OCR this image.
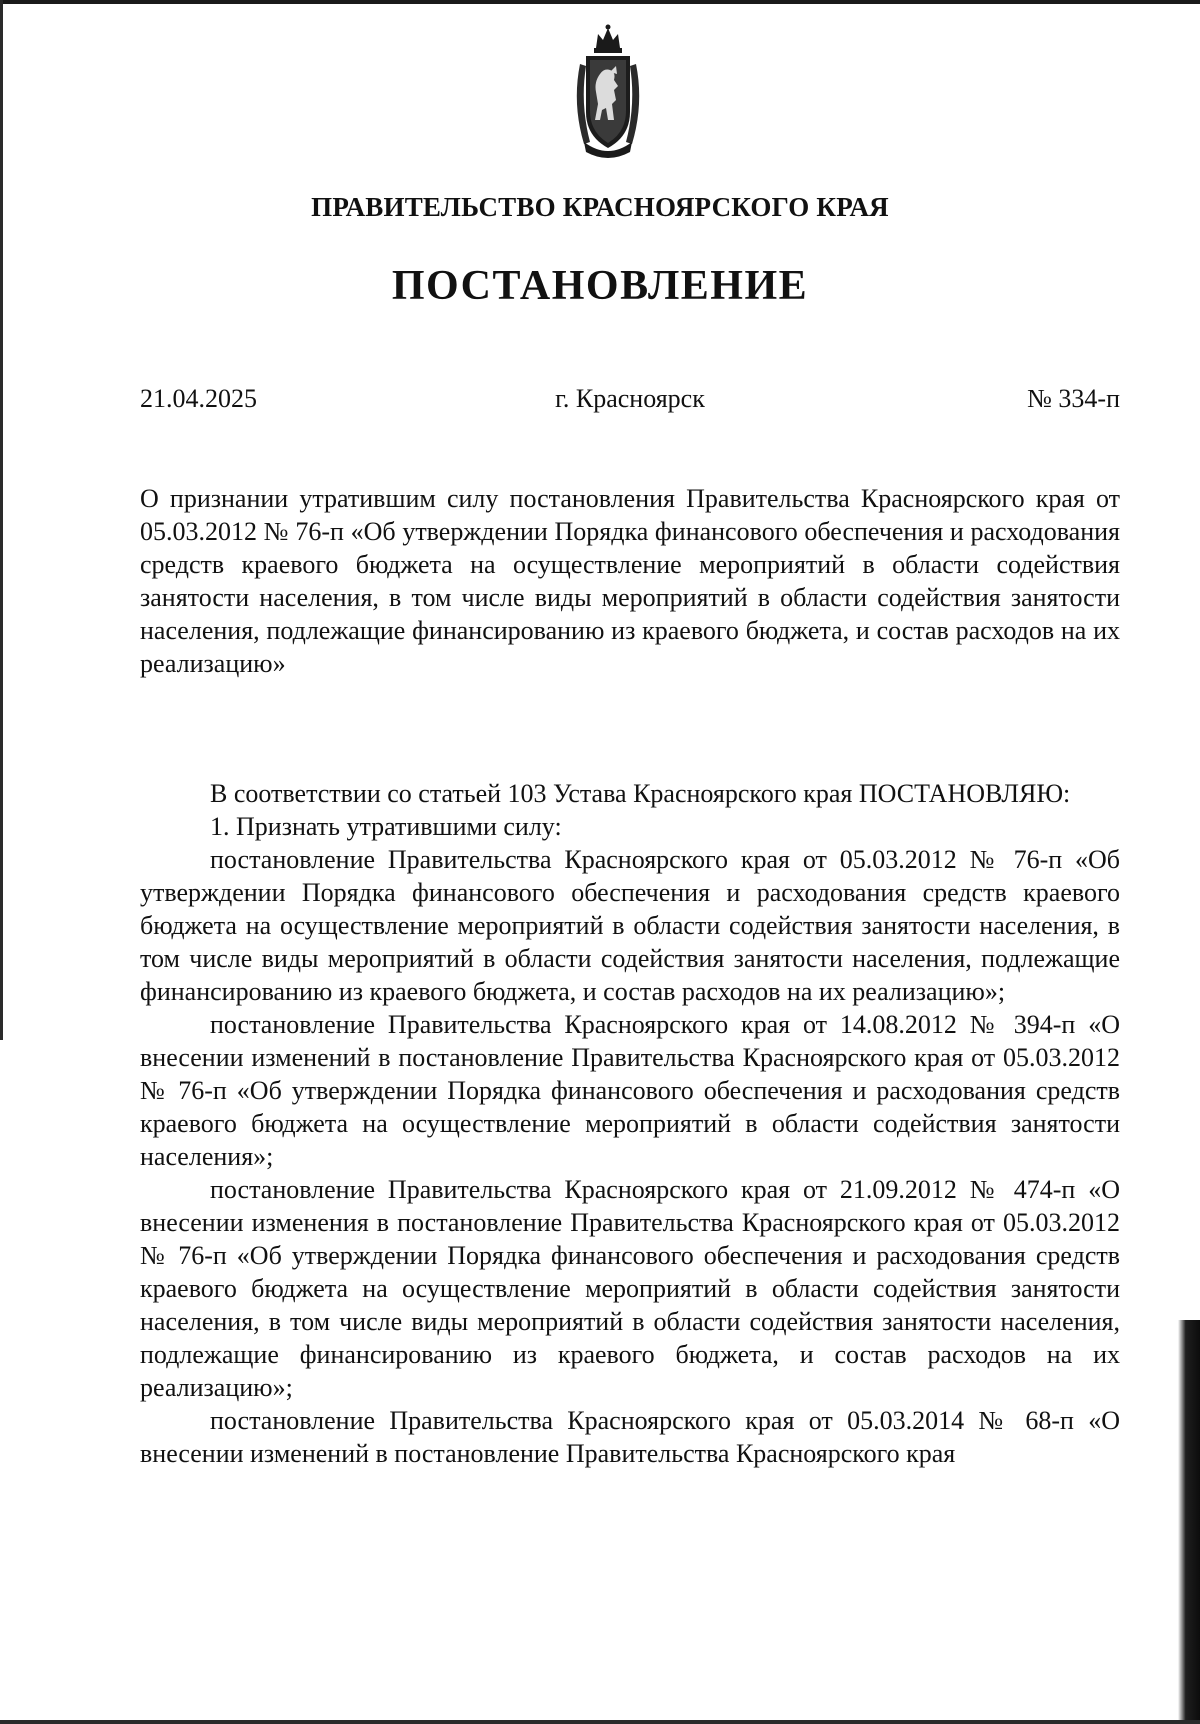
ПРАВИТЕЛЬСТВО КРАСНОЯРСКОГО КРАЯ
ПОСТАНОВЛЕНИЕ
г. Красноярск
21.04.2025	№ 334-п
О признании утратившим силу постановления Правительства Красноярского края от 05.03.2012 № 76-п «Об утверждении Порядка финансового обеспечения и расходования средств краевого бюджета на осуществление мероприятий в области содействия занятости населения, в том числе виды мероприятий в области содействия занятости населения, подлежащие финансированию из краевого бюджета, и состав расходов на их реализацию»

В соответствии со статьей 103 Устава Красноярского края ПОСТАНОВЛЯЮ:

1. Признать утратившими силу:

постановление Правительства Красноярского края от 05.03.2012 № 76-п «Об утверждении Порядка финансового обеспечения и расходования средств краевого бюджета на осуществление мероприятий в области содействия занятости населения, в том числе виды мероприятий в области содействия занятости населения, подлежащие финансированию из краевого бюджета, и состав расходов на их реализацию»;

постановление Правительства Красноярского края от 14.08.2012 № 394-п «О внесении изменений в постановление Правительства Красноярского края от 05.03.2012 № 76-п «Об утверждении Порядка финансового обеспечения и расходования средств краевого бюджета на осуществление мероприятий в области содействия занятости населения»;

постановление Правительства Красноярского края от 21.09.2012 № 474-п «О внесении изменения в постановление Правительства Красноярского края от 05.03.2012 № 76-п «Об утверждении Порядка финансового обеспечения и расходования средств краевого бюджета на осуществление мероприятий в области содействия занятости населения, в том числе виды мероприятий в области содействия занятости населения, подлежащие финансированию из краевого бюджета, и состав расходов на их реализацию»;

постановление Правительства Красноярского края от 05.03.2014 № 68-п «О внесении изменений в постановление Правительства Красноярского края
